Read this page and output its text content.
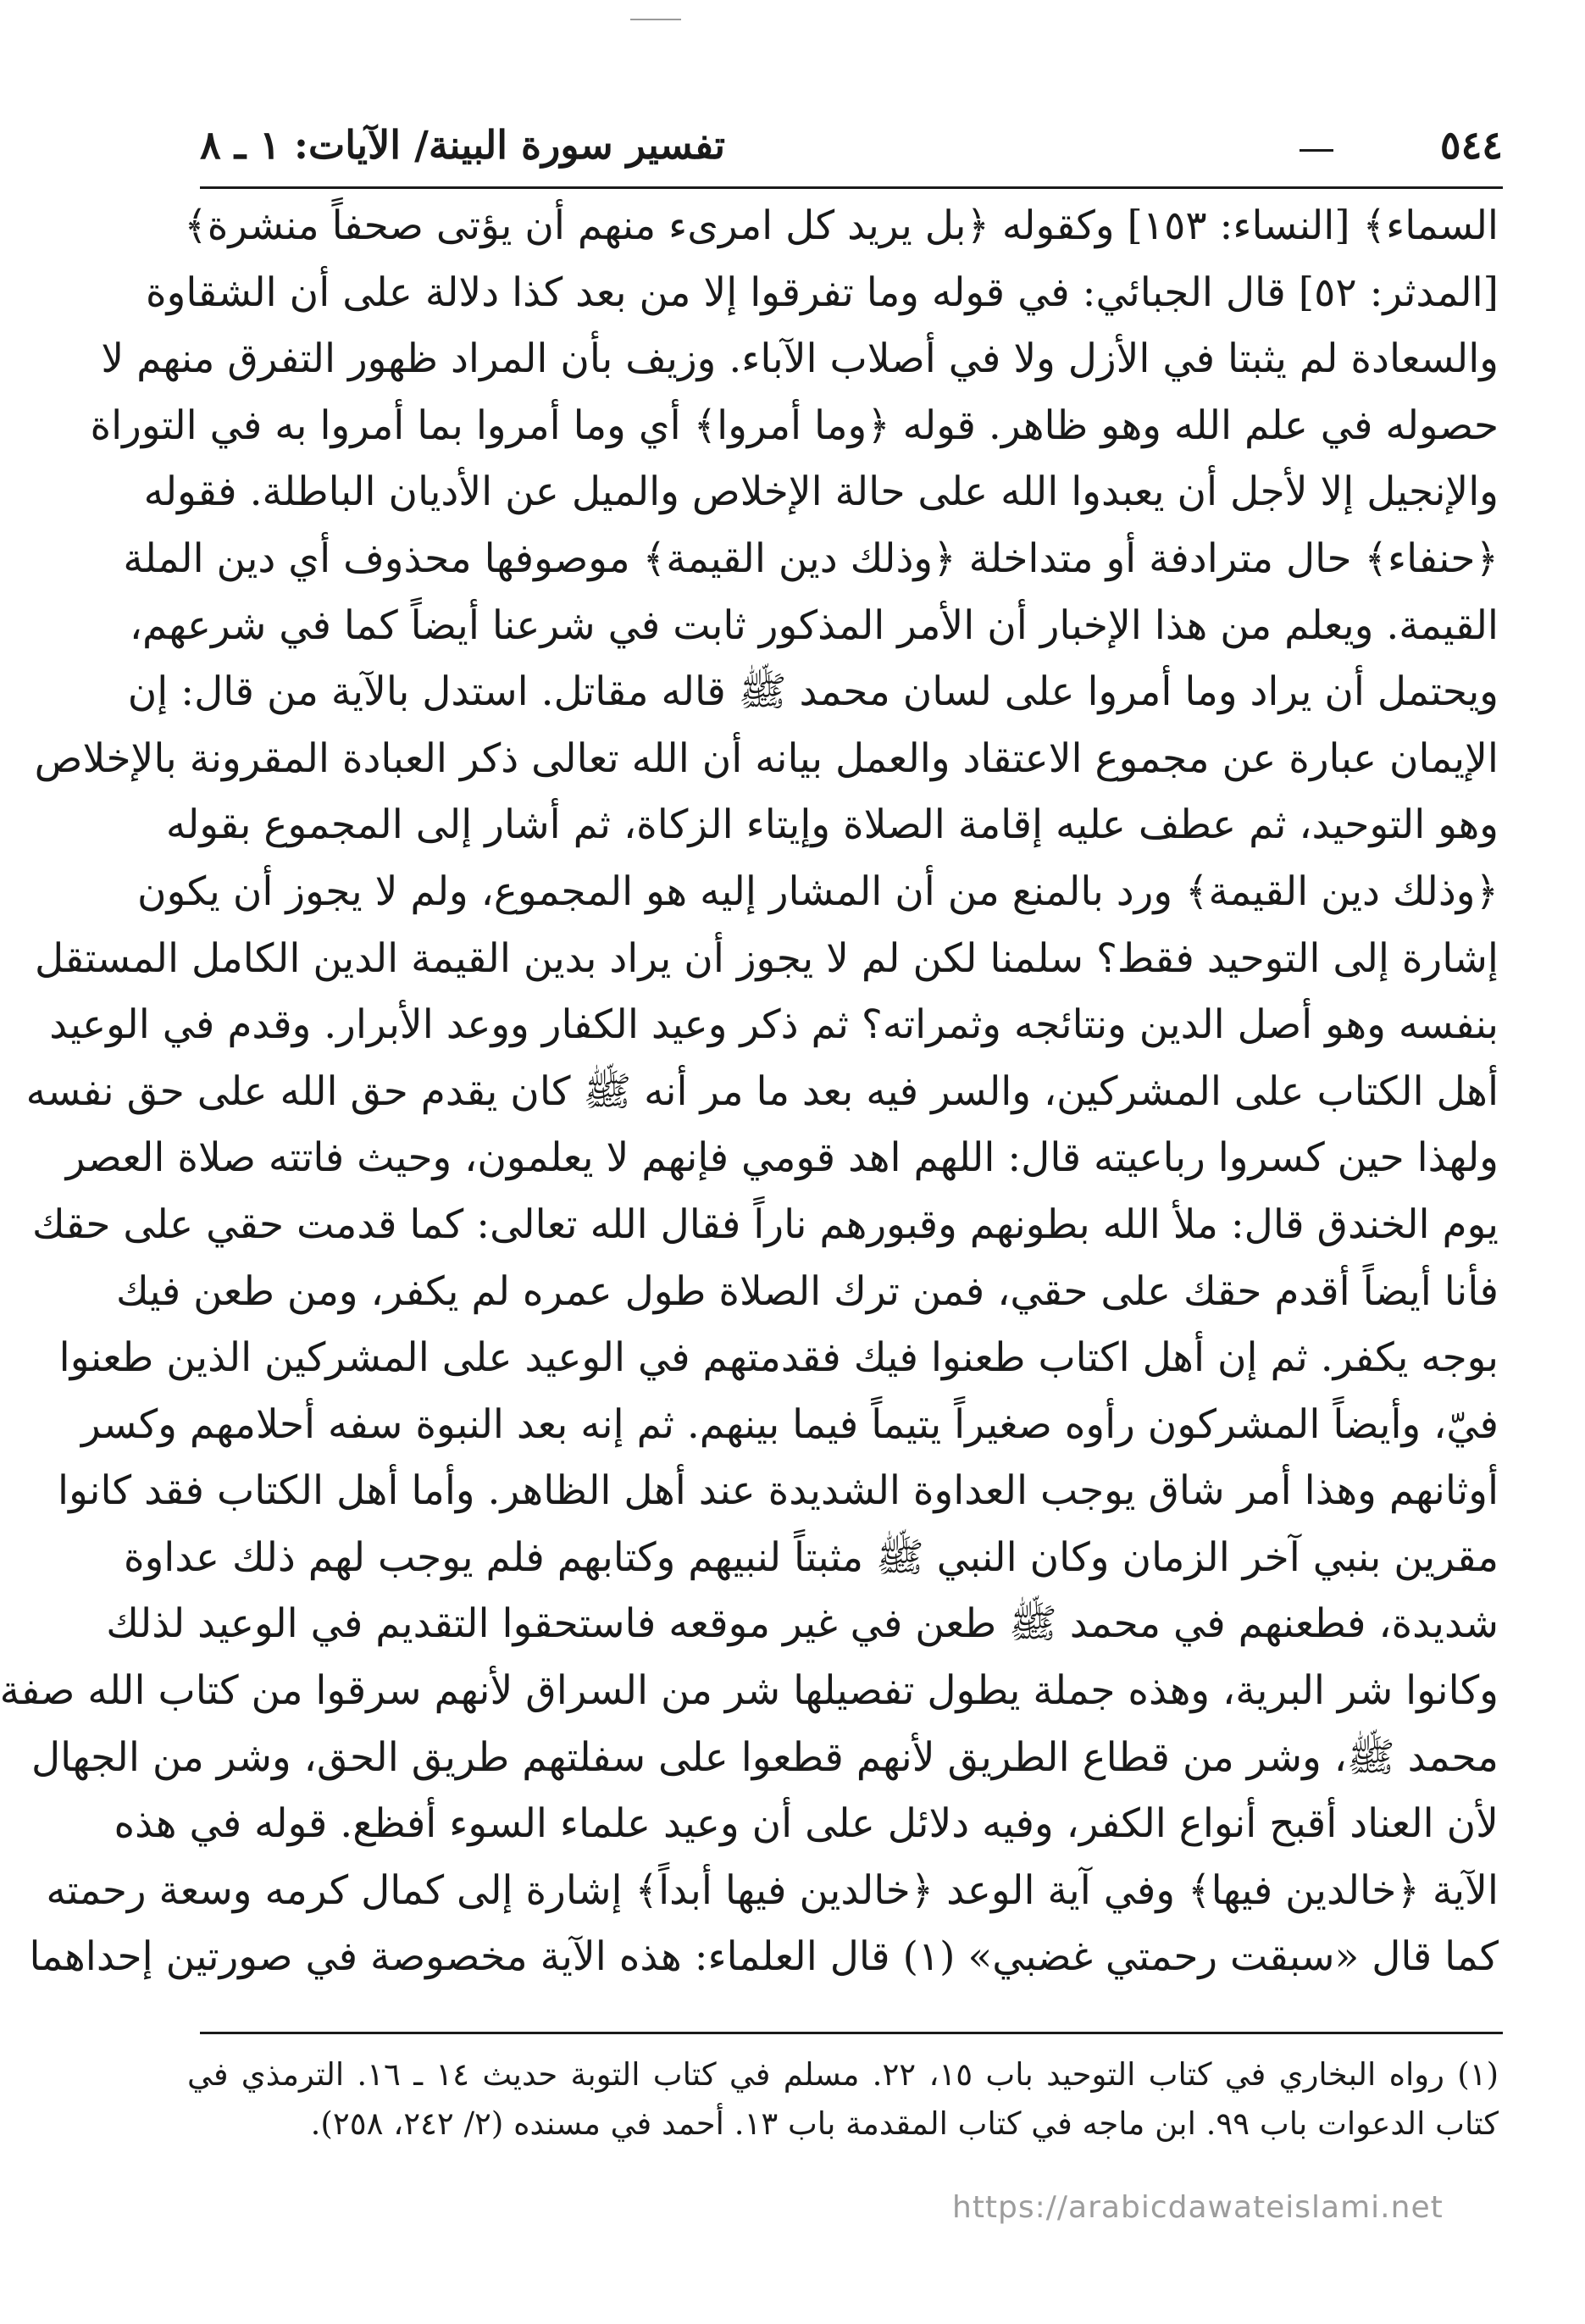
٥٤٤
تفسير سورة البينة/ الآيات: ١ ـ ٨
السماء﴾ [النساء: ١٥٣] وكقوله ﴿بل يريد كل امرىء منهم أن يؤتى صحفاً منشرة﴾
[المدثر: ٥٢] قال الجبائي: في قوله وما تفرقوا إلا من بعد كذا دلالة على أن الشقاوة
والسعادة لم يثبتا في الأزل ولا في أصلاب الآباء. وزيف بأن المراد ظهور التفرق منهم لا
حصوله في علم الله وهو ظاهر. قوله ﴿وما أمروا﴾ أي وما أمروا بما أمروا به في التوراة
والإنجيل إلا لأجل أن يعبدوا الله على حالة الإخلاص والميل عن الأديان الباطلة. فقوله
﴿حنفاء﴾ حال مترادفة أو متداخلة ﴿وذلك دين القيمة﴾ موصوفها محذوف أي دين الملة
القيمة. ويعلم من هذا الإخبار أن الأمر المذكور ثابت في شرعنا أيضاً كما في شرعهم،
ويحتمل أن يراد وما أمروا على لسان محمد ﷺ قاله مقاتل. استدل بالآية من قال: إن
الإيمان عبارة عن مجموع الاعتقاد والعمل بيانه أن الله تعالى ذكر العبادة المقرونة بالإخلاص
وهو التوحيد، ثم عطف عليه إقامة الصلاة وإيتاء الزكاة، ثم أشار إلى المجموع بقوله
﴿وذلك دين القيمة﴾ ورد بالمنع من أن المشار إليه هو المجموع، ولم لا يجوز أن يكون
إشارة إلى التوحيد فقط؟ سلمنا لكن لم لا يجوز أن يراد بدين القيمة الدين الكامل المستقل
بنفسه وهو أصل الدين ونتائجه وثمراته؟ ثم ذكر وعيد الكفار ووعد الأبرار. وقدم في الوعيد
أهل الكتاب على المشركين، والسر فيه بعد ما مر أنه ﷺ كان يقدم حق الله على حق نفسه
ولهذا حين كسروا رباعيته قال: اللهم اهد قومي فإنهم لا يعلمون، وحيث فاتته صلاة العصر
يوم الخندق قال: ملأ الله بطونهم وقبورهم ناراً فقال الله تعالى: كما قدمت حقي على حقك
فأنا أيضاً أقدم حقك على حقي، فمن ترك الصلاة طول عمره لم يكفر، ومن طعن فيك
بوجه يكفر. ثم إن أهل اكتاب طعنوا فيك فقدمتهم في الوعيد على المشركين الذين طعنوا
فيّ، وأيضاً المشركون رأوه صغيراً يتيماً فيما بينهم. ثم إنه بعد النبوة سفه أحلامهم وكسر
أوثانهم وهذا أمر شاق يوجب العداوة الشديدة عند أهل الظاهر. وأما أهل الكتاب فقد كانوا
مقرين بنبي آخر الزمان وكان النبي ﷺ مثبتاً لنبيهم وكتابهم فلم يوجب لهم ذلك عداوة
شديدة، فطعنهم في محمد ﷺ طعن في غير موقعه فاستحقوا التقديم في الوعيد لذلك
وكانوا شر البرية، وهذه جملة يطول تفصيلها شر من السراق لأنهم سرقوا من كتاب الله صفة
محمد ﷺ، وشر من قطاع الطريق لأنهم قطعوا على سفلتهم طريق الحق، وشر من الجهال
لأن العناد أقبح أنواع الكفر، وفيه دلائل على أن وعيد علماء السوء أفظع. قوله في هذه
الآية ﴿خالدين فيها﴾ وفي آية الوعد ﴿خالدين فيها أبداً﴾ إشارة إلى كمال كرمه وسعة رحمته
كما قال «سبقت رحمتي غضبي» (١) قال العلماء: هذه الآية مخصوصة في صورتين إحداهما
(١) رواه البخاري في كتاب التوحيد باب ١٥، ٢٢. مسلم في كتاب التوبة حديث ١٤ ـ ١٦. الترمذي في
كتاب الدعوات باب ٩٩. ابن ماجه في كتاب المقدمة باب ١٣. أحمد في مسنده (٢/ ٢٤٢، ٢٥٨).
https://arabicdawateislami.net
